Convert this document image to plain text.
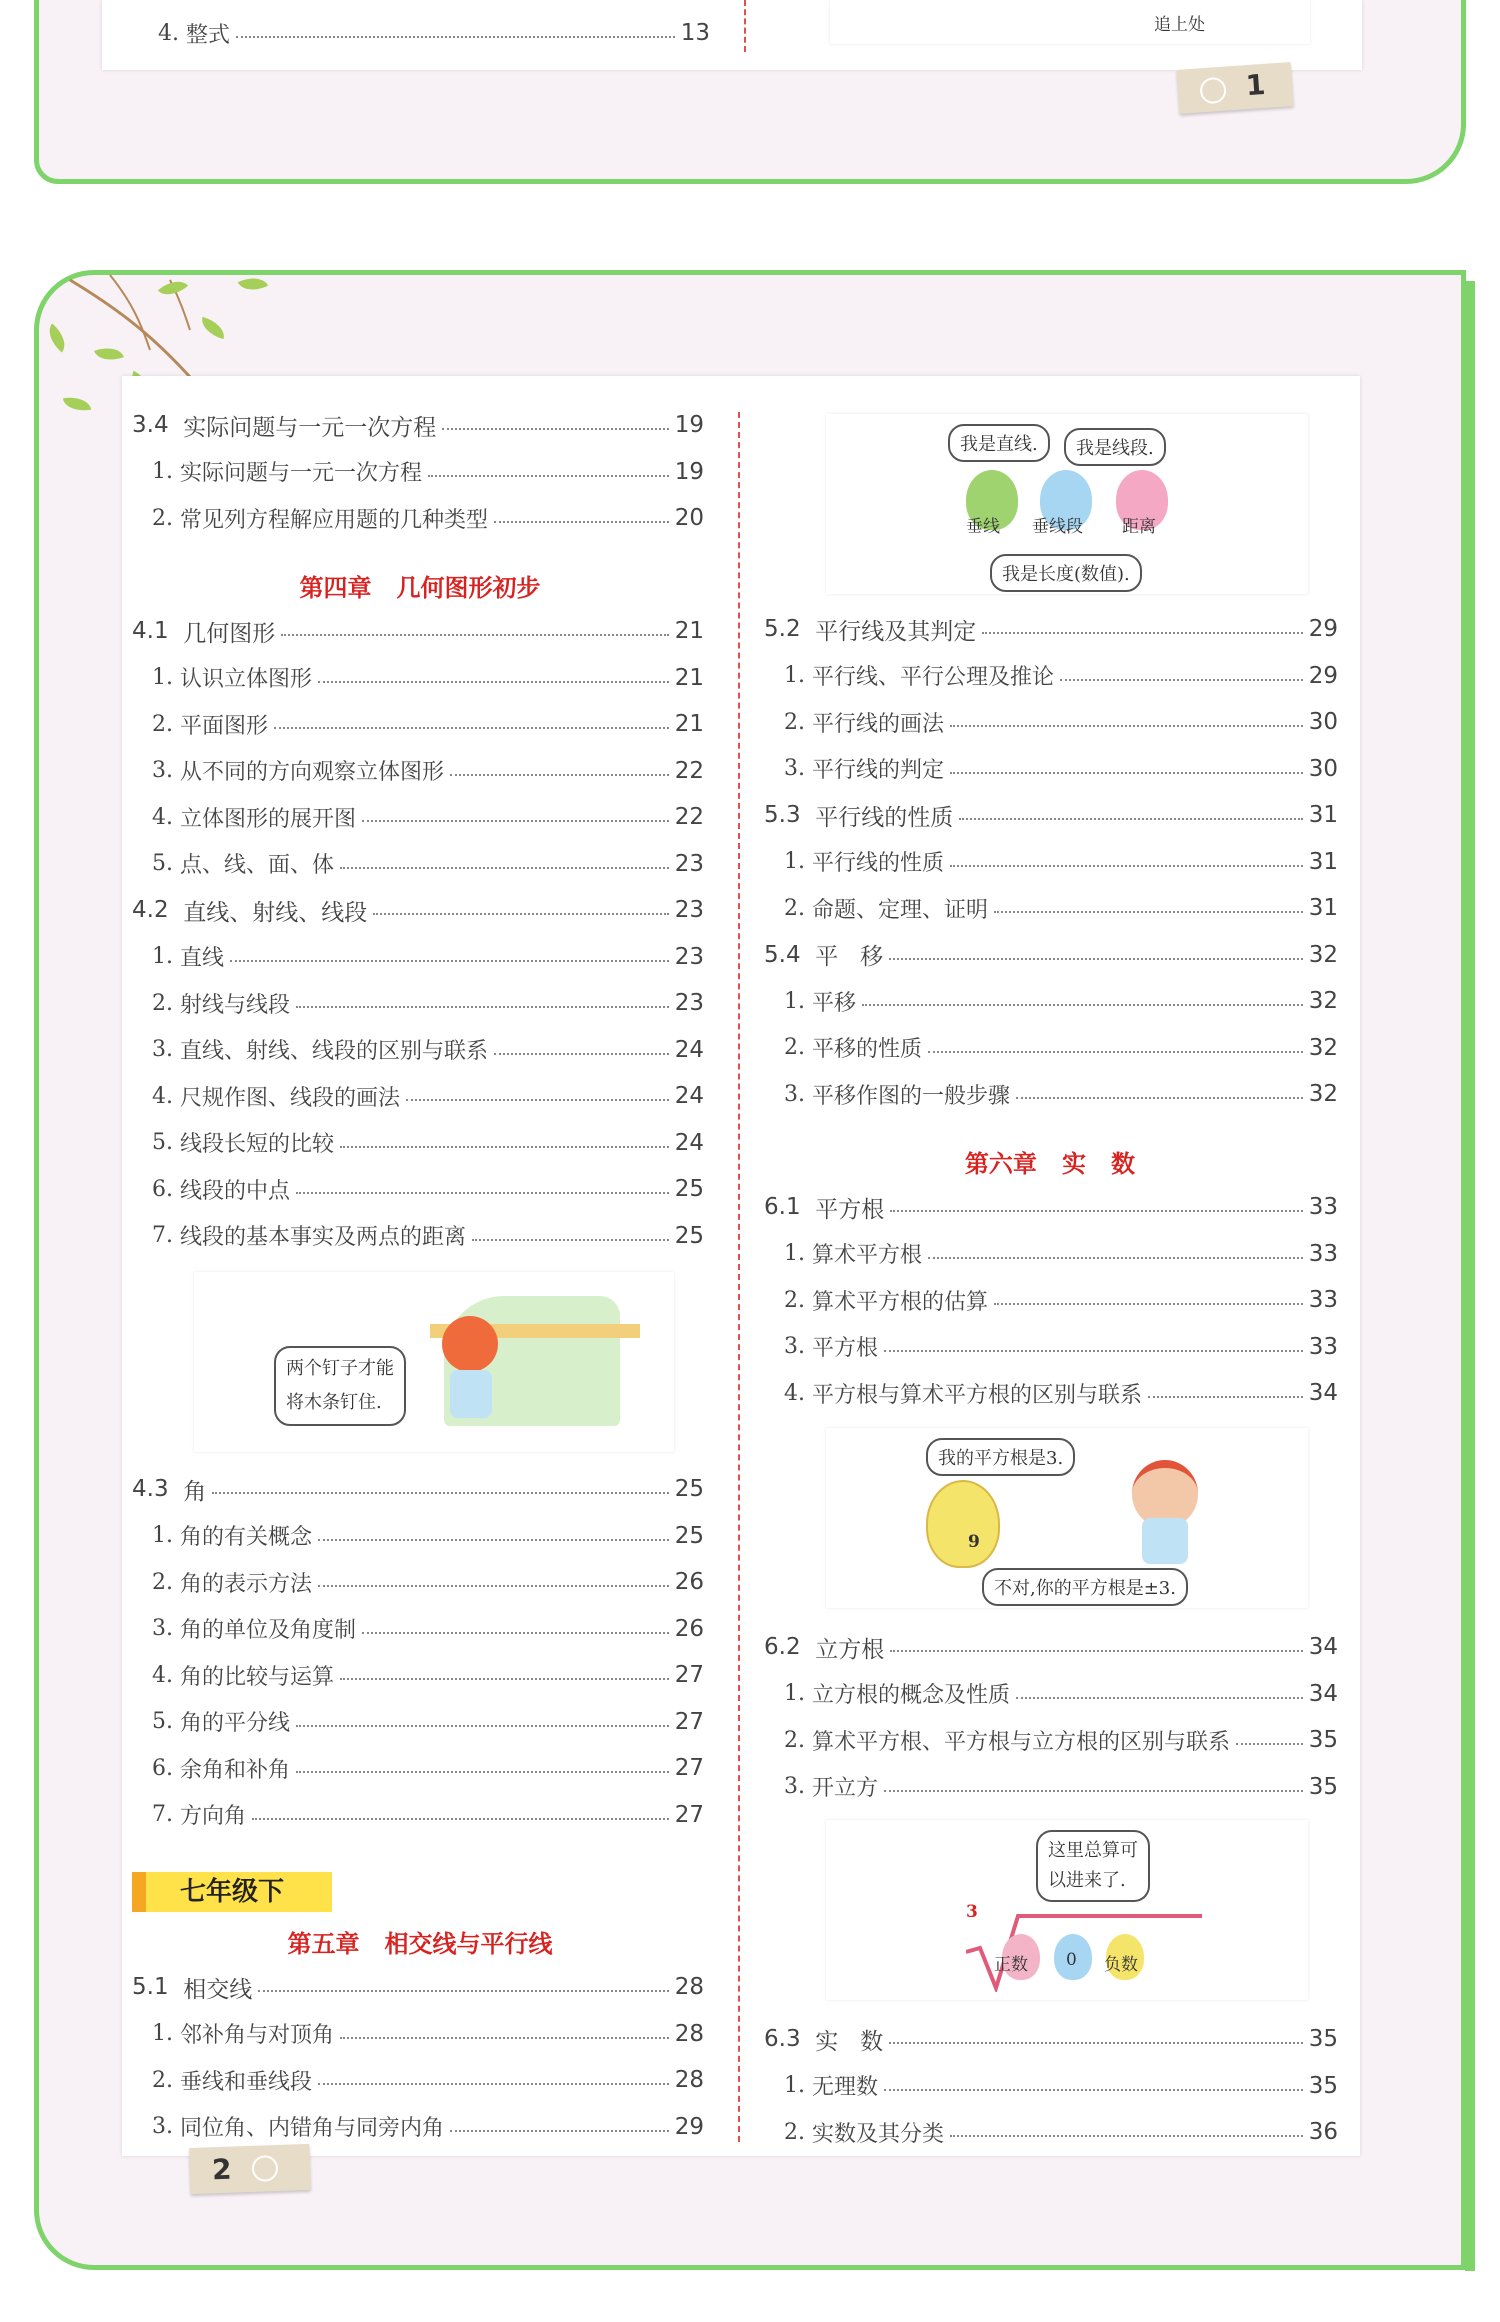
4. 整式	13	追上处
1
3.4 实际问题与一元一次方程	19
1. 实际问题与一元一次方程	19
2. 常见列方程解应用题的几种类型	20
第四章   几何图形初步
4.1 几何图形	21
1. 认识立体图形	21
2. 平面图形	21
3. 从不同的方向观察立体图形	22
4. 立体图形的展开图	22
5. 点、线、面、体	23
4.2 直线、射线、线段	23
1. 直线	23
2. 射线与线段	23
3. 直线、射线、线段的区别与联系	24
4. 尺规作图、线段的画法	24
5. 线段长短的比较	24
6. 线段的中点	25
7. 线段的基本事实及两点的距离	25
两个钉子才能
将木条钉住.
4.3 角	25
1. 角的有关概念	25
2. 角的表示方法	26
3. 角的单位及角度制	26
4. 角的比较与运算	27
5. 角的平分线	27
6. 余角和补角	27
7. 方向角	27
七年级下
第五章   相交线与平行线
5.1 相交线	28
1. 邻补角与对顶角	28
2. 垂线和垂线段	28
3. 同位角、内错角与同旁内角	29
我是直线.	我是线段.
垂线 垂线段 距离
我是长度(数值).
5.2 平行线及其判定	29
1. 平行线、平行公理及推论	29
2. 平行线的画法	30
3. 平行线的判定	30
5.3 平行线的性质	31
1. 平行线的性质	31
2. 命题、定理、证明	31
5.4 平   移	32
1. 平移	32
2. 平移的性质	32
3. 平移作图的一般步骤	32
第六章   实   数
6.1 平方根	33
1. 算术平方根	33
2. 算术平方根的估算	33
3. 平方根	33
4. 平方根与算术平方根的区别与联系	34
我的平方根是3.
9
不对,你的平方根是±3.
6.2 立方根	34
1. 立方根的概念及性质	34
2. 算术平方根、平方根与立方根的区别与联系	35
3. 开立方	35
这里总算可
以进来了.
3
正数 0 负数
6.3 实   数	35
1. 无理数	35
2. 实数及其分类	36
2
